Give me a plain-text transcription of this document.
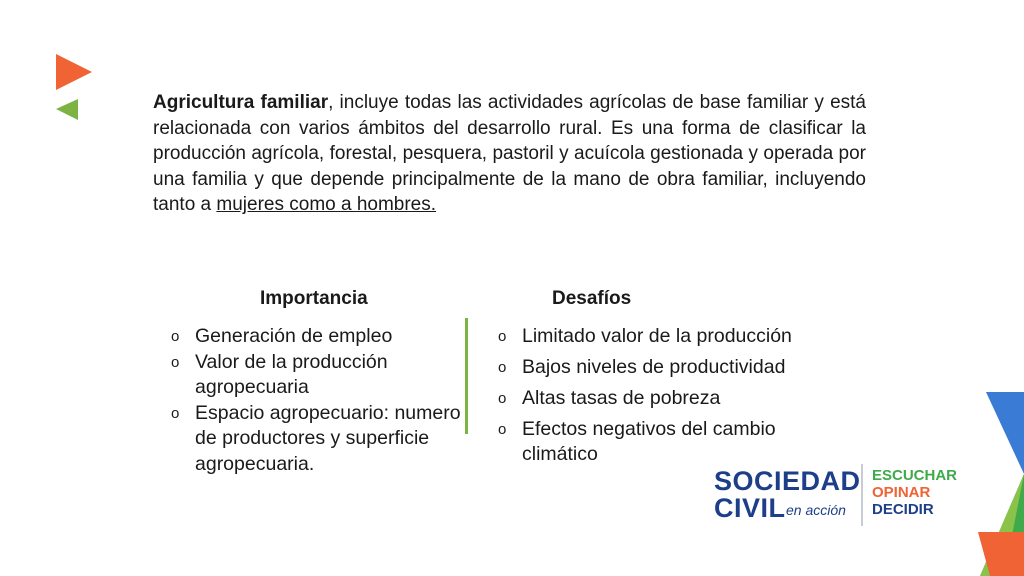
Agricultura familiar, incluye todas las actividades agrícolas de base familiar y está relacionada con varios ámbitos del desarrollo rural. Es una forma de clasificar la producción agrícola, forestal, pesquera, pastoril y acuícola gestionada y operada por una familia y que depende principalmente de la mano de obra familiar, incluyendo tanto a mujeres como a hombres.

Importancia	Desafíos
o Generación de empleo
o Valor de la producción agropecuaria
o Espacio agropecuario: numero de productores y superficie agropecuaria.
o Limitado valor de la producción
o Bajos niveles de productividad
o Altas tasas de pobreza
o Efectos negativos del cambio climático
SOCIEDAD
CIVIL en acción
ESCUCHAR
OPINAR
DECIDIR
